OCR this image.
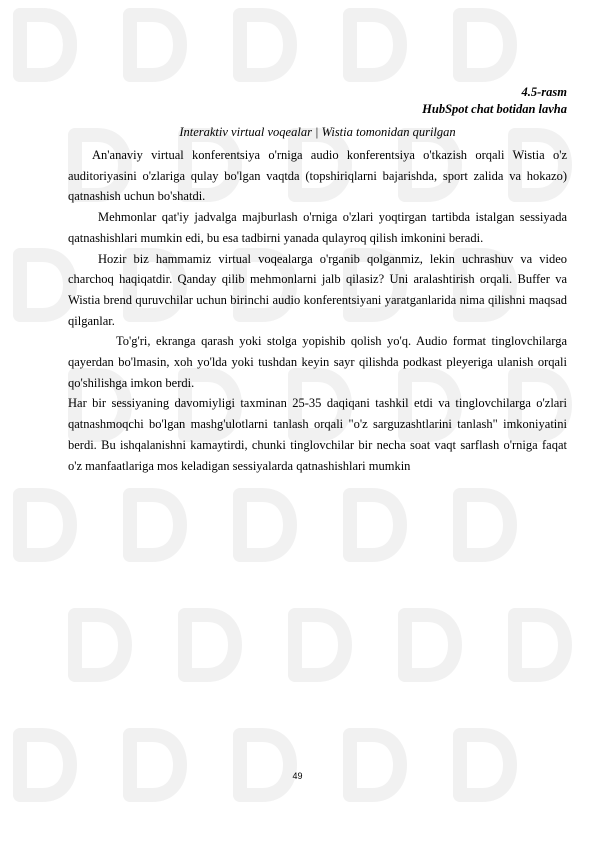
4.5-rasm
HubSpot chat botidan lavha
Interaktiv virtual voqealar | Wistia tomonidan qurilgan

An'anaviy virtual konferentsiya o'rniga audio konferentsiya o'tkazish orqali Wistia o'z auditoriyasini o'zlariga qulay bo'lgan vaqtda (topshiriqlarni bajarishda, sport zalida va hokazo) qatnashish uchun bo'shatdi.

Mehmonlar qat'iy jadvalga majburlash o'rniga o'zlari yoqtirgan tartibda istalgan sessiyada qatnashishlari mumkin edi, bu esa tadbirni yanada qulayroq qilish imkonini beradi.

Hozir biz hammamiz virtual voqealarga o'rganib qolganmiz, lekin uchrashuv va video charchoq haqiqatdir. Qanday qilib mehmonlarni jalb qilasiz? Uni aralashtirish orqali. Buffer va Wistia brend quruvchilar uchun birinchi audio konferentsiyani yaratganlarida nima qilishni maqsad qilganlar.

To'g'ri, ekranga qarash yoki stolga yopishib qolish yo'q. Audio format tinglovchilarga qayerdan bo'lmasin, xoh yo'lda yoki tushdan keyin sayr qilishda podkast pleyeriga ulanish orqali qo'shilishga imkon berdi.

Har bir sessiyaning davomiyligi taxminan 25-35 daqiqani tashkil etdi va tinglovchilarga o'zlari qatnashmoqchi bo'lgan mashg'ulotlarni tanlash orqali "o'z sarguzashtlarini tanlash" imkoniyatini berdi. Bu ishqalanishni kamaytirdi, chunki tinglovchilar bir necha soat vaqt sarflash o'rniga faqat o'z manfaatlariga mos keladigan sessiyalarda qatnashishlari mumkin

49
